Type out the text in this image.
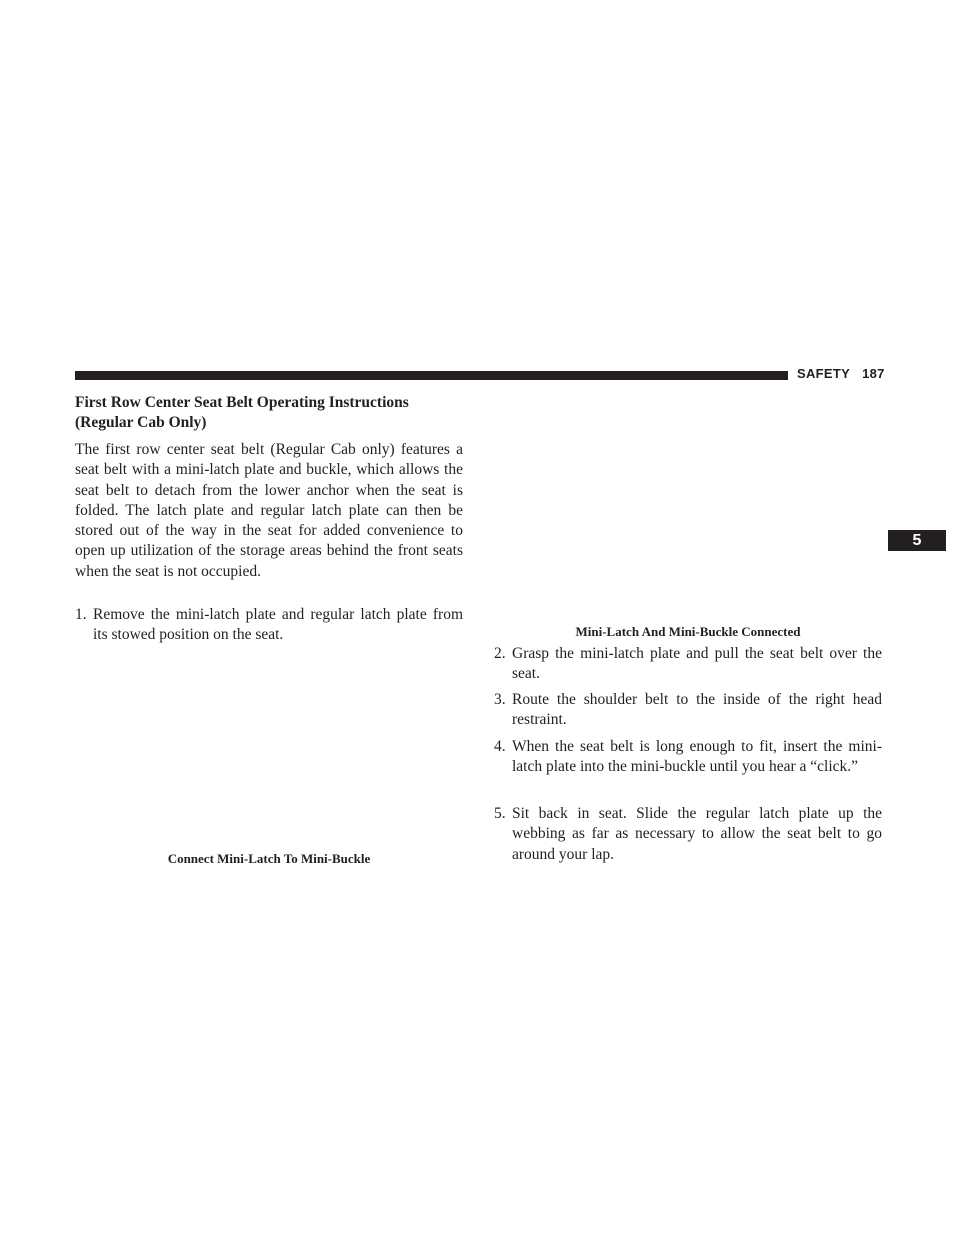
SAFETY 187
5
First Row Center Seat Belt Operating Instructions (Regular Cab Only)

The first row center seat belt (Regular Cab only) features a seat belt with a mini-latch plate and buckle, which allows the seat belt to detach from the lower anchor when the seat is folded. The latch plate and regular latch plate can then be stored out of the way in the seat for added convenience to open up utilization of the storage areas behind the front seats when the seat is not occupied.

1. Remove the mini-latch plate and regular latch plate from its stowed position on the seat.

Connect Mini-Latch To Mini-Buckle
Mini-Latch And Mini-Buckle Connected

2. Grasp the mini-latch plate and pull the seat belt over the seat.

3. Route the shoulder belt to the inside of the right head restraint.

4. When the seat belt is long enough to fit, insert the mini-latch plate into the mini-buckle until you hear a “click.”

5. Sit back in seat. Slide the regular latch plate up the webbing as far as necessary to allow the seat belt to go around your lap.
